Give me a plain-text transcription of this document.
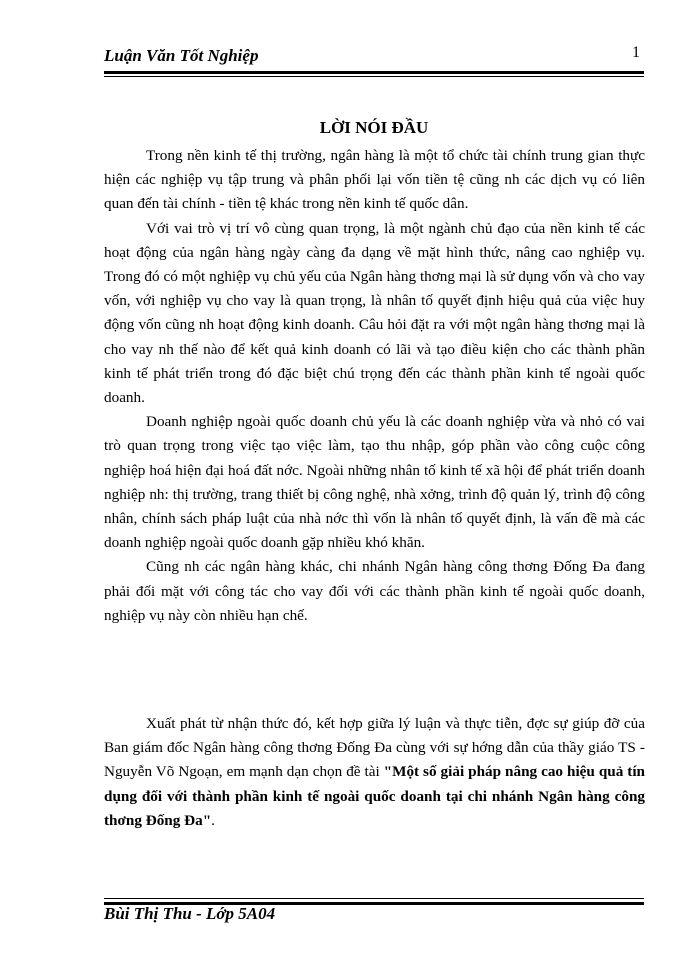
Luận Văn Tốt Nghiệp	1
LỜI NÓI ĐẦU

Trong nền kinh tế thị trường, ngân hàng là một tổ chức tài chính trung gian thực hiện các nghiệp vụ tập trung và phân phối lại vốn tiền tệ cũng nh các dịch vụ có liên quan đến tài chính - tiền tệ khác trong nền kinh tế quốc dân.

Với vai trò vị trí vô cùng quan trọng, là một ngành chủ đạo của nền kinh tế các hoạt động của ngân hàng ngày càng đa dạng về mặt hình thức, nâng cao nghiệp vụ. Trong đó có một nghiệp vụ chủ yếu của Ngân hàng thơng mại là sử dụng vốn và cho vay vốn, với nghiệp vụ cho vay là quan trọng, là nhân tố quyết định hiệu quả của việc huy động vốn cũng nh hoạt động kinh doanh. Câu hỏi đặt ra với một ngân hàng thơng mại là cho vay nh thế nào để kết quả kinh doanh có lãi và tạo điều kiện cho các thành phần kinh tế phát triển trong đó đặc biệt chú trọng đến các thành phần kinh tế ngoài quốc doanh.

Doanh nghiệp ngoài quốc doanh chủ yếu là các doanh nghiệp vừa và nhỏ có vai trò quan trọng trong việc tạo việc làm, tạo thu nhập, góp phần vào công cuộc công nghiệp hoá hiện đại hoá đất nớc. Ngoài những nhân tố kinh tế xã hội để phát triển doanh nghiệp nh: thị trường, trang thiết bị công nghệ, nhà xởng, trình độ quản lý, trình độ công nhân, chính sách pháp luật của nhà nớc thì vốn là nhân tố quyết định, là vấn đề mà các doanh nghiệp ngoài quốc doanh gặp nhiều khó khăn.

Cũng nh các ngân hàng khác, chi nhánh Ngân hàng công thơng Đống Đa đang phải đối mặt với công tác cho vay đối với các thành phần kinh tế ngoài quốc doanh, nghiệp vụ này còn nhiều hạn chế.

Xuất phát từ nhận thức đó, kết hợp giữa lý luận và thực tiễn, đợc sự giúp đỡ của Ban giám đốc Ngân hàng công thơng Đống Đa cùng với sự hớng dẫn của thầy giáo TS - Nguyễn Võ Ngoạn, em mạnh dạn chọn đề tài "Một số giải pháp nâng cao hiệu quả tín dụng đối với thành phần kinh tế ngoài quốc doanh tại chi nhánh Ngân hàng công thơng Đống Đa".

Bùi Thị Thu - Lớp 5A04
